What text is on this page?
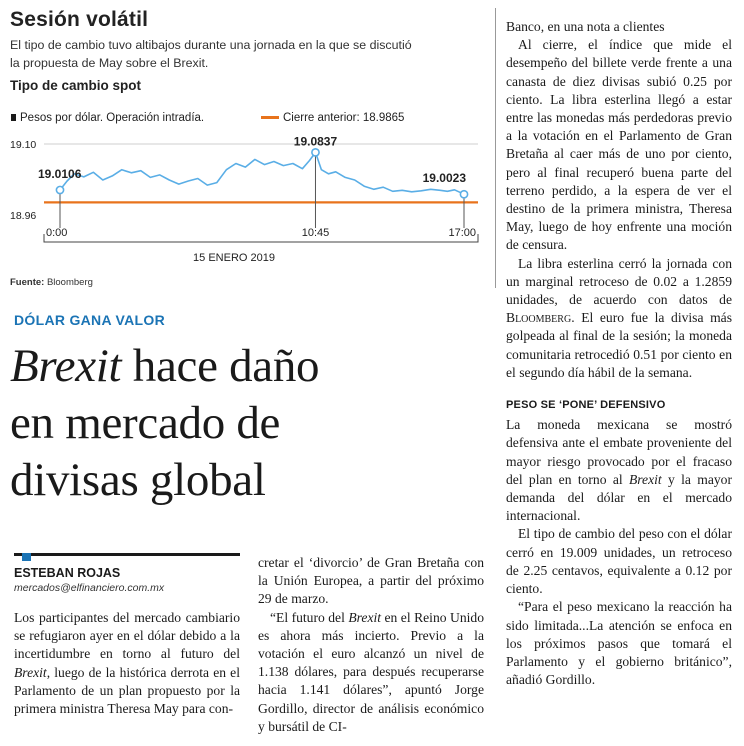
Sesión volátil
El tipo de cambio tuvo altibajos durante una jornada en la que se discutió
la propuesta de May sobre el Brexit.
Tipo de cambio spot
Pesos por dólar. Operación intradía.	Cierre anterior: 18.9865
19.10
18.96
0:00	10:45	17:00
19.0106
19.0837
19.0023
15 ENERO 2019
Fuente: Bloomberg
DÓLAR GANA VALOR
Brexit hace daño
en mercado de
divisas global
ESTEBAN ROJAS
mercados@elfinanciero.com.mx

Los participantes del mercado cambiario se refugiaron ayer en el dólar debido a la incertidumbre en torno al futuro del Brexit, luego de la histórica derrota en el Parlamento de un plan propuesto por la primera ministra Theresa May para con-

cretar el ‘divorcio’ de Gran Bretaña con la Unión Europea, a partir del próximo 29 de marzo.

“El futuro del Brexit en el Reino Unido es ahora más incierto. Previo a la votación el euro alcanzó un nivel de 1.138 dólares, para después recuperarse hacia 1.141 dólares”, apuntó Jorge Gordillo, director de análisis económico y bursátil de CI-

Banco, en una nota a clientes

Al cierre, el índice que mide el desempeño del billete verde frente a una canasta de diez divisas subió 0.25 por ciento. La libra esterlina llegó a estar entre las monedas más perdedoras previo a la votación en el Parlamento de Gran Bretaña al caer más de uno por ciento, pero al final recuperó buena parte del terreno perdido, a la espera de ver el destino de la primera ministra, Theresa May, luego de hoy enfrente una moción de censura.

La libra esterlina cerró la jornada con un marginal retroceso de 0.02 a 1.2859 unidades, de acuerdo con datos de Bloomberg. El euro fue la divisa más golpeada al final de la sesión; la moneda comunitaria retrocedió 0.51 por ciento en el segundo día hábil de la semana.

PESO SE ‘PONE’ DEFENSIVO

La moneda mexicana se mostró defensiva ante el embate proveniente del mayor riesgo provocado por el fracaso del plan en torno al Brexit y la mayor demanda del dólar en el mercado internacional.

El tipo de cambio del peso con el dólar cerró en 19.009 unidades, un retroceso de 2.25 centavos, equivalente a 0.12 por ciento.

“Para el peso mexicano la reacción ha sido limitada...La atención se enfoca en los próximos pasos que tomará el Parlamento y el gobierno británico”, añadió Gordillo.
